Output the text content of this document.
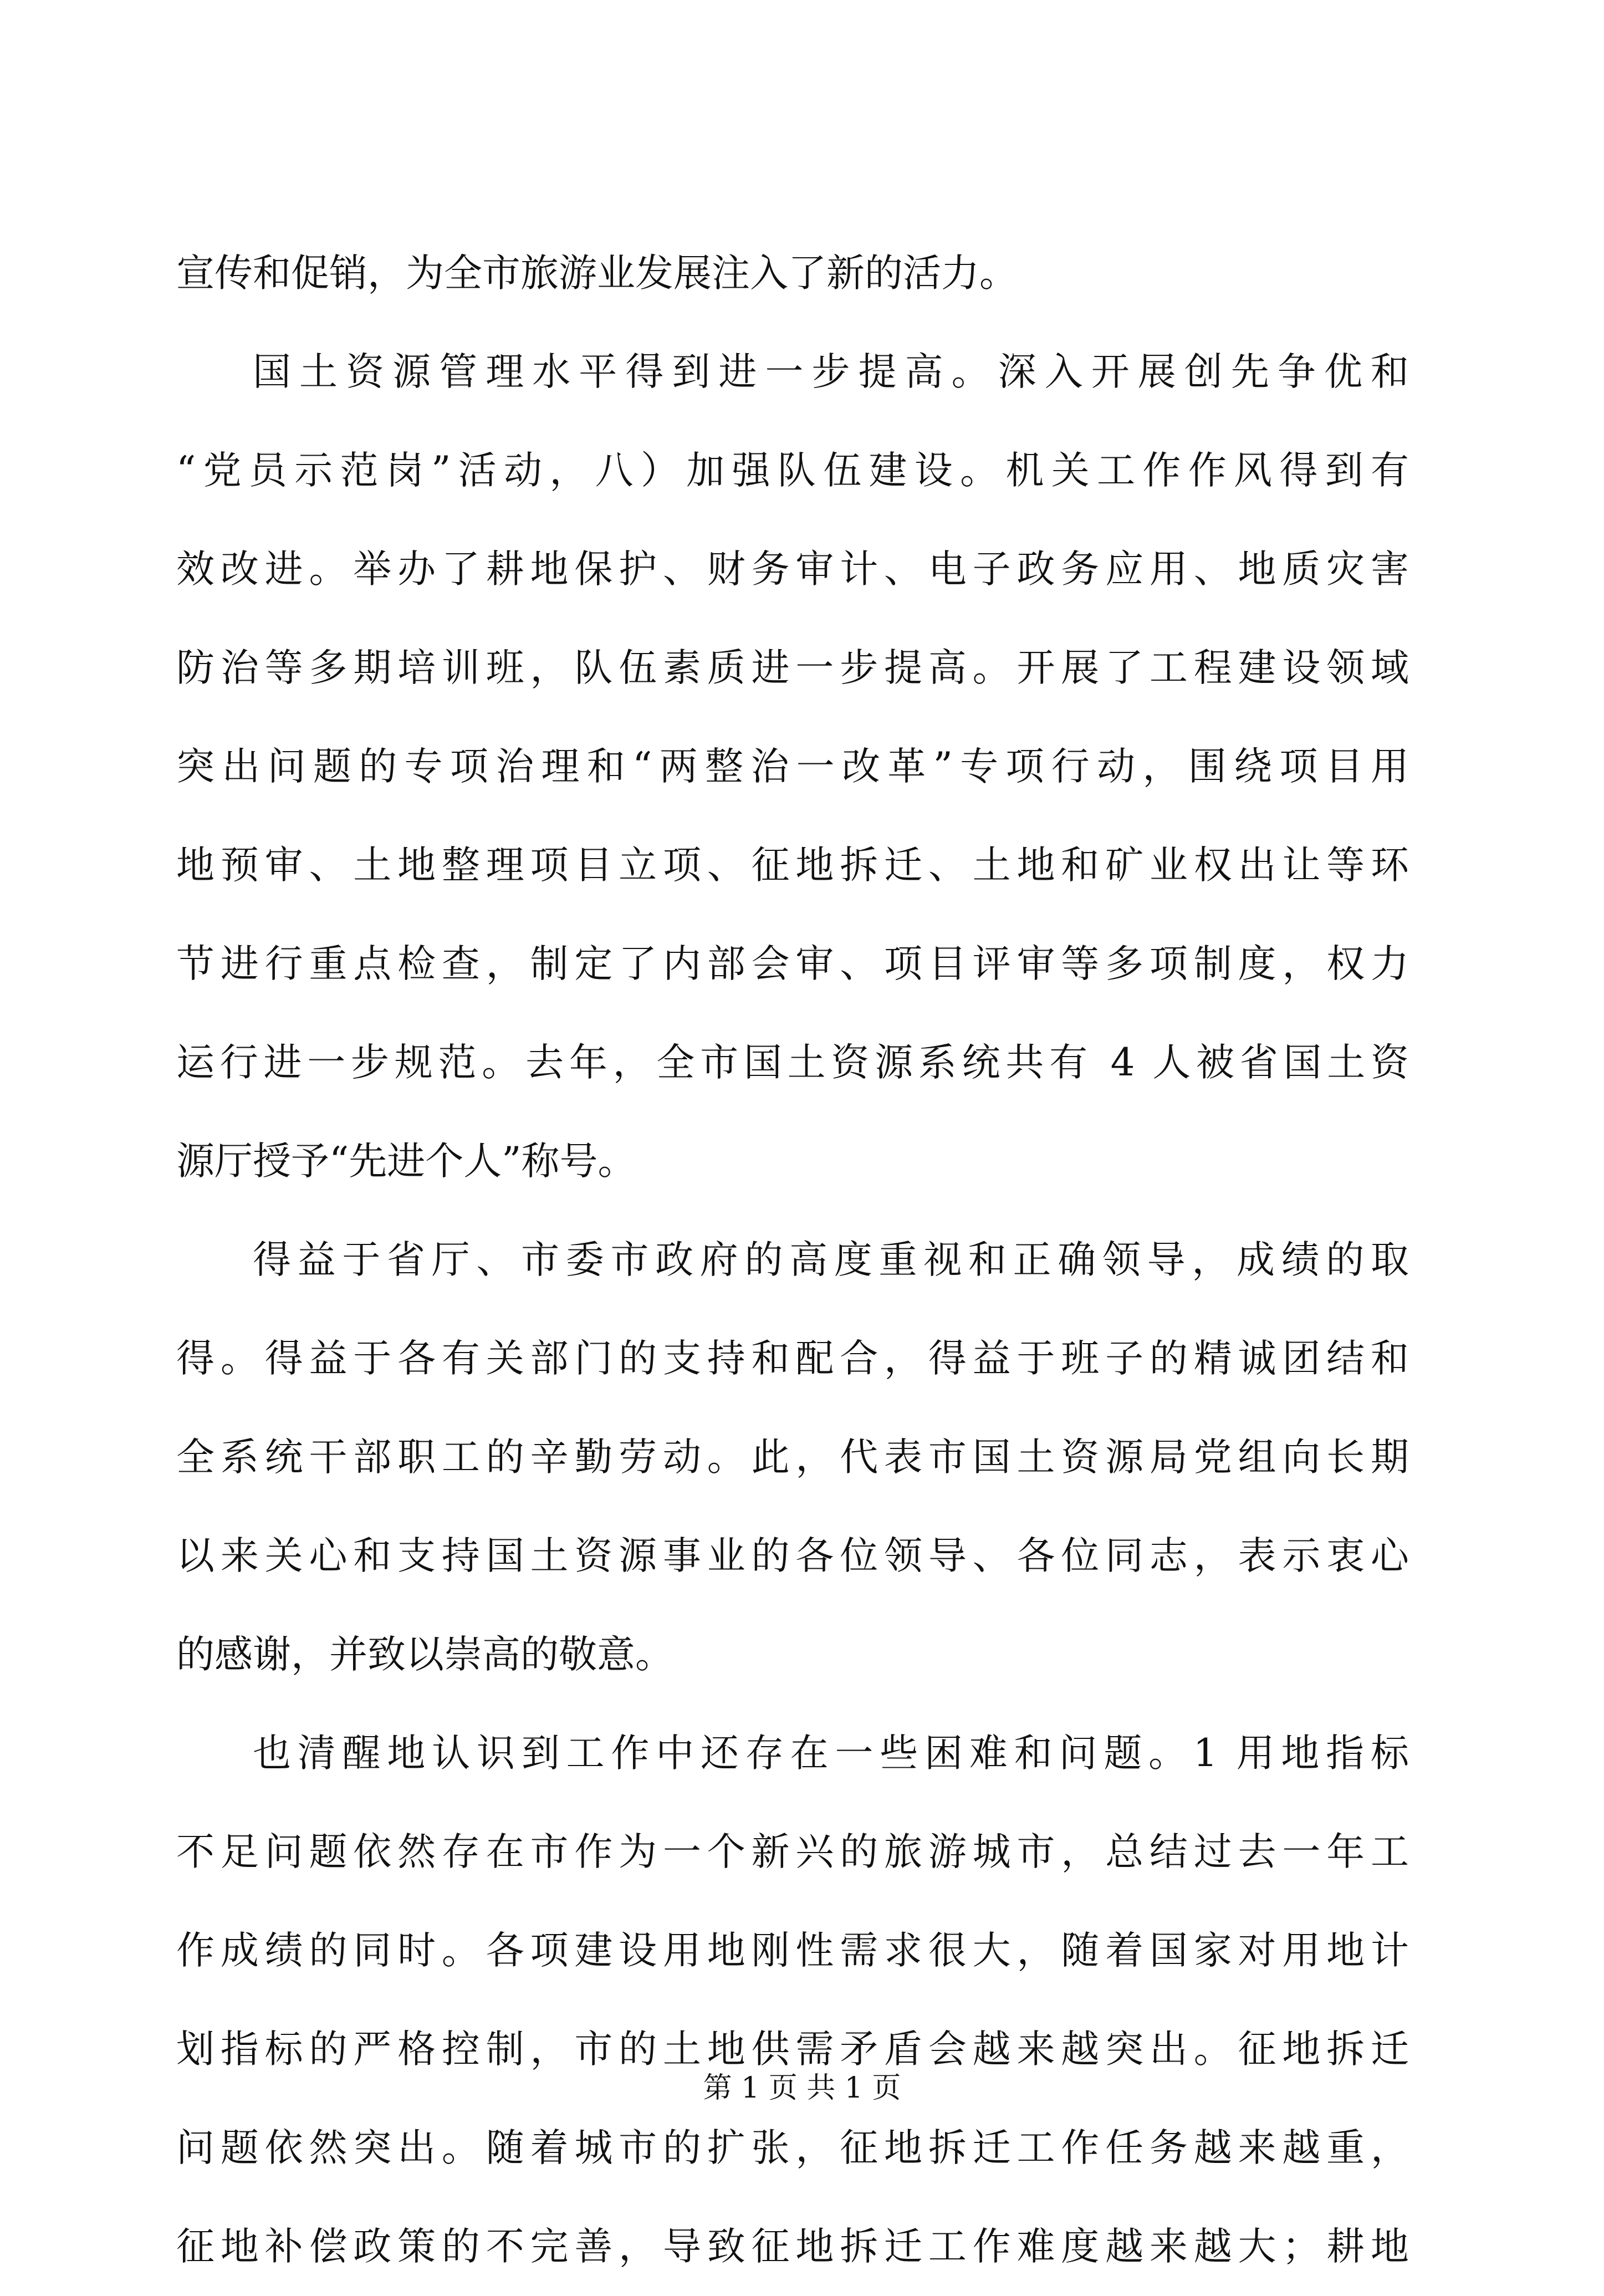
宣传和促销，为全市旅游业发展注入了新的活力。
国土资源管理水平得到进一步提高。深入开展创先争优和
“党员示范岗”活动，八）加强队伍建设。机关工作作风得到有
效改进。举办了耕地保护、财务审计、电子政务应用、地质灾害
防治等多期培训班，队伍素质进一步提高。开展了工程建设领域
突出问题的专项治理和“两整治一改革”专项行动，围绕项目用
地预审、土地整理项目立项、征地拆迁、土地和矿业权出让等环
节进行重点检查，制定了内部会审、项目评审等多项制度，权力
运行进一步规范。去年，全市国土资源系统共有 4 人被省国土资
源厅授予“先进个人”称号。
得益于省厅、市委市政府的高度重视和正确领导，成绩的取
得。得益于各有关部门的支持和配合，得益于班子的精诚团结和
全系统干部职工的辛勤劳动。此，代表市国土资源局党组向长期
以来关心和支持国土资源事业的各位领导、各位同志，表示衷心
的感谢，并致以崇高的敬意。
也清醒地认识到工作中还存在一些困难和问题。1 用地指标
不足问题依然存在市作为一个新兴的旅游城市，总结过去一年工
作成绩的同时。各项建设用地刚性需求很大，随着国家对用地计
划指标的严格控制，市的土地供需矛盾会越来越突出。征地拆迁
问题依然突出。随着城市的扩张，征地拆迁工作任务越来越重，
征地补偿政策的不完善，导致征地拆迁工作难度越来越大；耕地
第 1 页 共 1 页
